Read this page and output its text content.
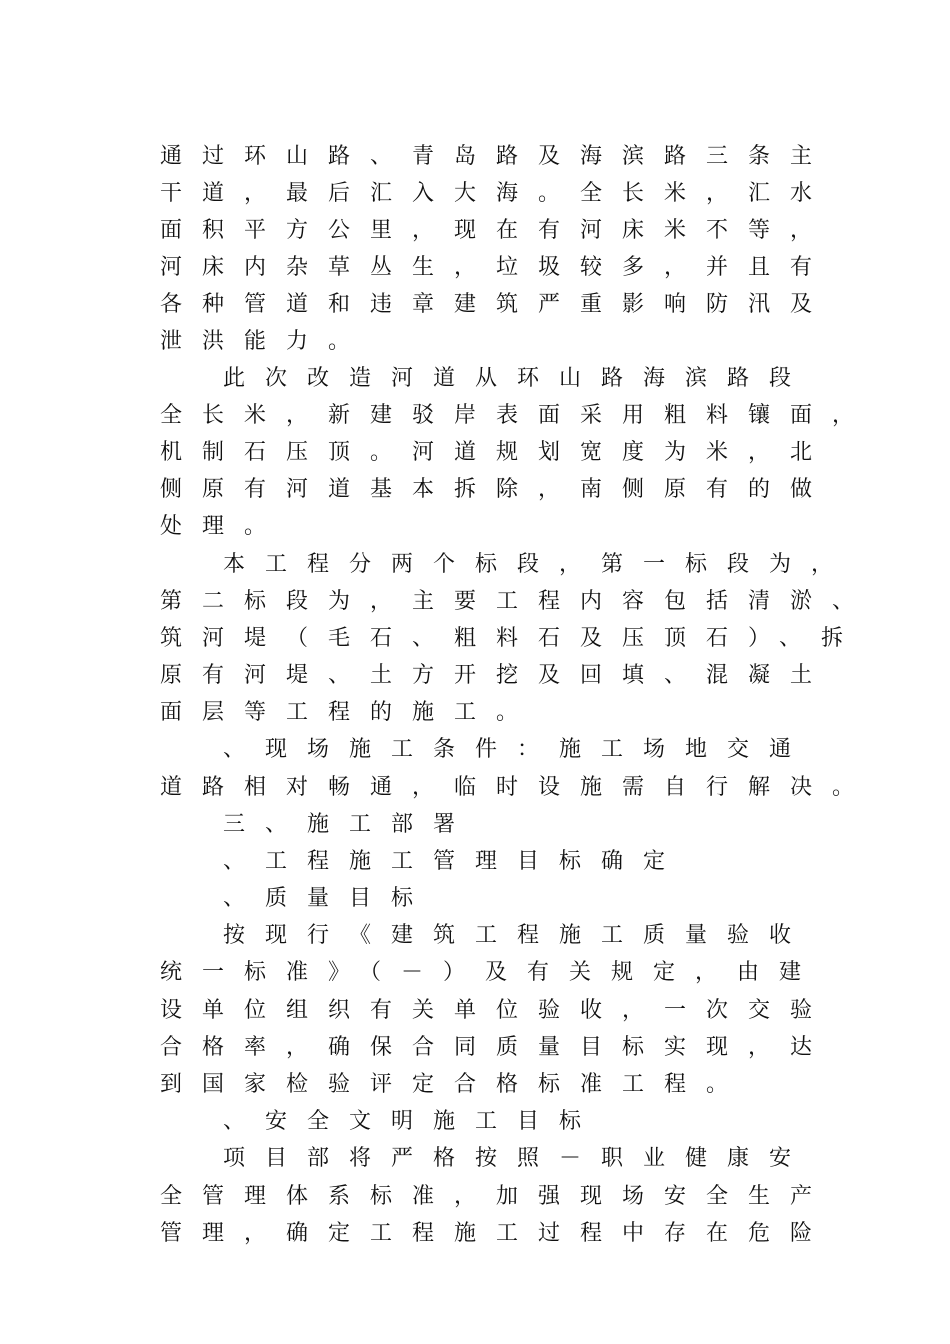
通过环山路、青岛路及海滨路三条主
干道，最后汇入大海。全长米，汇水
面积平方公里，现在有河床米不等，
河床内杂草丛生，垃圾较多，并且有
各种管道和违章建筑严重影响防汛及
泄洪能力。
此次改造河道从环山路海滨路段
全长米，新建驳岸表面采用粗料镶面，
机制石压顶。河道规划宽度为米，北
侧原有河道基本拆除，南侧原有的做
处理。
本工程分两个标段，第一标段为，
第二标段为，主要工程内容包括清淤、
筑河堤（毛石、粗料石及压顶石）、拆
原有河堤、土方开挖及回填、混凝土
面层等工程的施工。
、现场施工条件：施工场地交通
道路相对畅通，临时设施需自行解决。
三、施工部署
、工程施工管理目标确定
、质量目标
按现行《建筑工程施工质量验收
统一标准》（－）及有关规定，由建
设单位组织有关单位验收，一次交验
合格率，确保合同质量目标实现，达
到国家检验评定合格标准工程。
、安全文明施工目标
项目部将严格按照－职业健康安
全管理体系标准，加强现场安全生产
管理，确定工程施工过程中存在危险
